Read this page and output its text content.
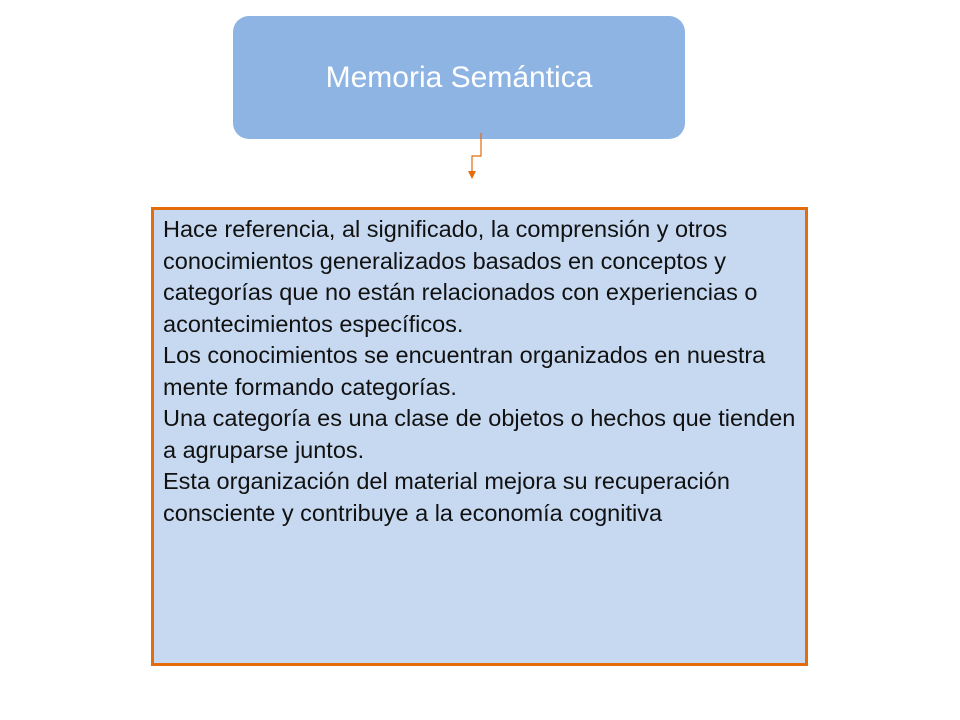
Memoria Semántica

Hace referencia, al significado, la comprensión y otros conocimientos generalizados basados en conceptos y categorías que no están relacionados con experiencias o acontecimientos específicos.

Los conocimientos se encuentran organizados en nuestra mente formando categorías.

Una categoría es una clase de objetos o hechos que tienden a agruparse juntos.

Esta organización del material mejora su recuperación consciente y contribuye a la economía cognitiva
